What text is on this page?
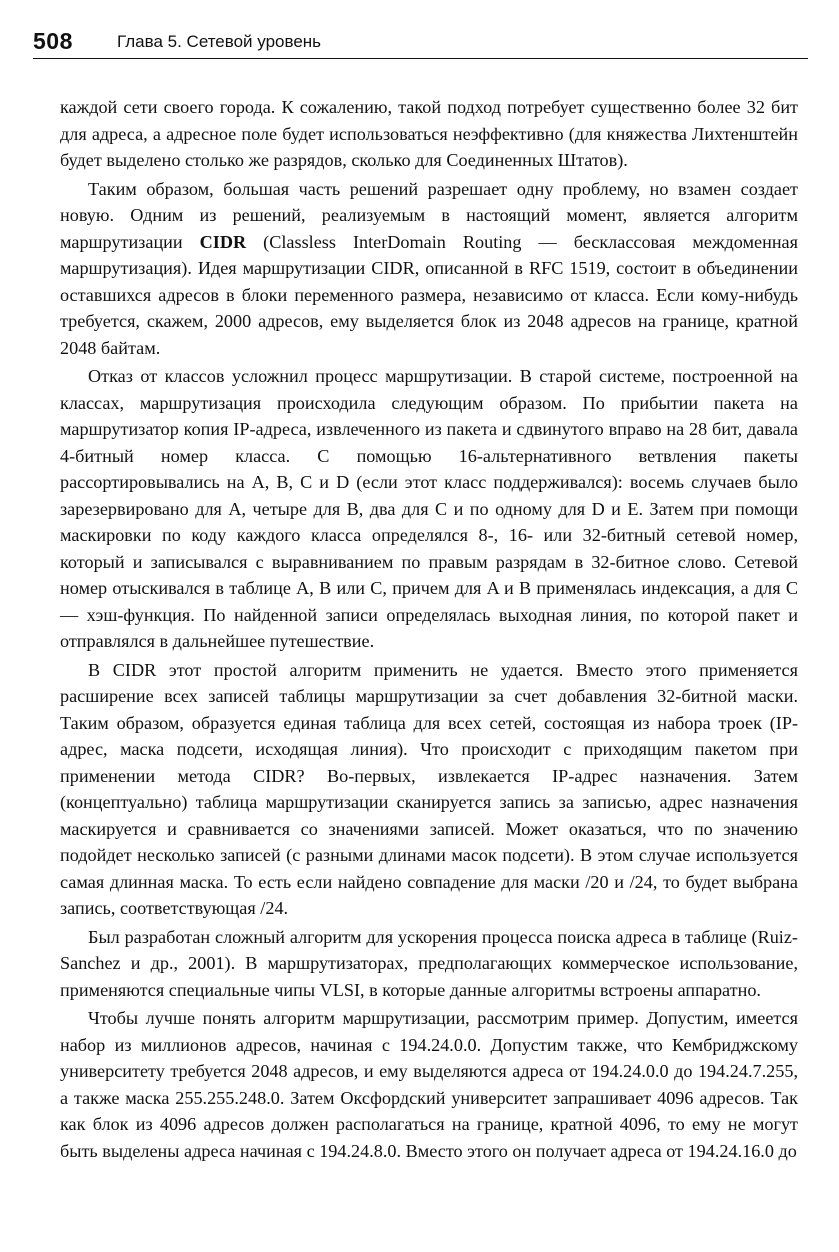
508	Глава 5. Сетевой уровень

каждой сети своего города. К сожалению, такой подход потребует существенно более 32 бит для адреса, а адресное поле будет использоваться неэффективно (для княжества Лихтенштейн будет выделено столько же разрядов, сколько для Соединенных Штатов).

Таким образом, большая часть решений разрешает одну проблему, но взамен создает новую. Одним из решений, реализуемым в настоящий момент, является алгоритм маршрутизации CIDR (Classless InterDomain Routing — бесклассовая междоменная маршрутизация). Идея маршрутизации CIDR, описанной в RFC 1519, состоит в объединении оставшихся адресов в блоки переменного размера, независимо от класса. Если кому-нибудь требуется, скажем, 2000 адресов, ему выделяется блок из 2048 адресов на границе, кратной 2048 байтам.

Отказ от классов усложнил процесс маршрутизации. В старой системе, построенной на классах, маршрутизация происходила следующим образом. По прибытии пакета на маршрутизатор копия IP-адреса, извлеченного из пакета и сдвинутого вправо на 28 бит, давала 4-битный номер класса. С помощью 16-альтернативного ветвления пакеты рассортировывались на A, B, C и D (если этот класс поддерживался): восемь случаев было зарезервировано для A, четыре для B, два для C и по одному для D и E. Затем при помощи маскировки по коду каждого класса определялся 8-, 16- или 32-битный сетевой номер, который и записывался с выравниванием по правым разрядам в 32-битное слово. Сетевой номер отыскивался в таблице A, B или C, причем для A и B применялась индексация, а для C — хэш-функция. По найденной записи определялась выходная линия, по которой пакет и отправлялся в дальнейшее путешествие.

В CIDR этот простой алгоритм применить не удается. Вместо этого применяется расширение всех записей таблицы маршрутизации за счет добавления 32-битной маски. Таким образом, образуется единая таблица для всех сетей, состоящая из набора троек (IP-адрес, маска подсети, исходящая линия). Что происходит с приходящим пакетом при применении метода CIDR? Во-первых, извлекается IP-адрес назначения. Затем (концептуально) таблица маршрутизации сканируется запись за записью, адрес назначения маскируется и сравнивается со значениями записей. Может оказаться, что по значению подойдет несколько записей (с разными длинами масок подсети). В этом случае используется самая длинная маска. То есть если найдено совпадение для маски /20 и /24, то будет выбрана запись, соответствующая /24.

Был разработан сложный алгоритм для ускорения процесса поиска адреса в таблице (Ruiz-Sanchez и др., 2001). В маршрутизаторах, предполагающих коммерческое использование, применяются специальные чипы VLSI, в которые данные алгоритмы встроены аппаратно.

Чтобы лучше понять алгоритм маршрутизации, рассмотрим пример. Допустим, имеется набор из миллионов адресов, начиная с 194.24.0.0. Допустим также, что Кембриджскому университету требуется 2048 адресов, и ему выделяются адреса от 194.24.0.0 до 194.24.7.255, а также маска 255.255.248.0. Затем Оксфордский университет запрашивает 4096 адресов. Так как блок из 4096 адресов должен располагаться на границе, кратной 4096, то ему не могут быть выделены адреса начиная с 194.24.8.0. Вместо этого он получает адреса от 194.24.16.0 до
